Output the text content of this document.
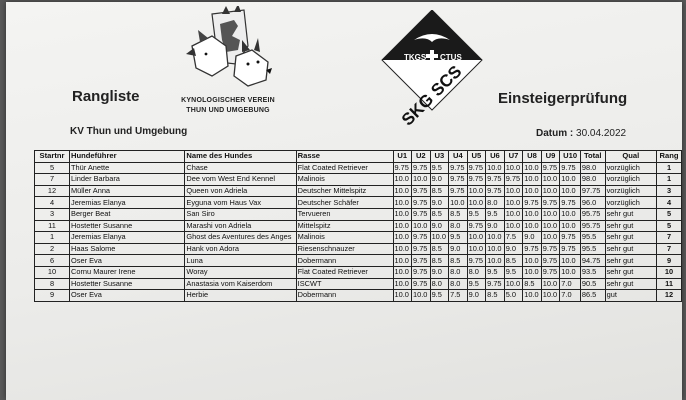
KYNOLOGISCHER VEREIN
THUN UND UMGEBUNG
TKGS CTUS
SKG SCS
Rangliste	Einsteigerprüfung
KV Thun und Umgebung	Datum : 30.04.2022
Startnr	Hundeführer	Name des Hundes	Rasse	U1	U2	U3	U4	U5	U6	U7	U8	U9	U10	Total	Qual	Rang
5	Thür Anette	Chase	Flat Coated Retriever	9.75	9.75	9.5	9.75	9.75	10.0	10.0	10.0	9.75	9.75	98.0	vorzüglich	1
7	Linder Barbara	Dee vom West End Kennel	Malinois	10.0	10.0	9.0	9.75	9.75	9.75	9.75	10.0	10.0	10.0	98.0	vorzüglich	1
12	Müller Anna	Queen von Adriela	Deutscher Mittelspitz	10.0	9.75	8.5	9.75	10.0	9.75	10.0	10.0	10.0	10.0	97.75	vorzüglich	3
4	Jeremias Elanya	Eyguna vom Haus Vax	Deutscher Schäfer	10.0	9.75	9.0	10.0	10.0	8.0	10.0	9.75	9.75	9.75	96.0	vorzüglich	4
3	Berger Beat	San Siro	Tervueren	10.0	9.75	8.5	8.5	9.5	9.5	10.0	10.0	10.0	10.0	95.75	sehr gut	5
11	Hostetter Susanne	Marashi von Adriela	Mittelspitz	10.0	10.0	9.0	8.0	9.75	9.0	10.0	10.0	10.0	10.0	95.75	sehr gut	5
1	Jeremias Elanya	Ghost des Aventures des Anges	Malinois	10.0	9.75	10.0	9.5	10.0	10.0	7.5	9.0	10.0	9.75	95.5	sehr gut	7
2	Haas Salome	Hank von Adora	Riesenschnauzer	10.0	9.75	8.5	9.0	10.0	10.0	9.0	9.75	9.75	9.75	95.5	sehr gut	7
6	Oser Eva	Luna	Dobermann	10.0	9.75	8.5	8.5	9.75	10.0	8.5	10.0	9.75	10.0	94.75	sehr gut	9
10	Cornu Maurer Irene	Woray	Flat Coated Retriever	10.0	9.75	9.0	8.0	8.0	9.5	9.5	10.0	9.75	10.0	93.5	sehr gut	10
8	Hostetter Susanne	Anastasia vom Kaiserdom	ISCWT	10.0	9.75	8.0	8.0	9.5	9.75	10.0	8.5	10.0	7.0	90.5	sehr gut	11
9	Oser Eva	Herbie	Dobermann	10.0	10.0	9.5	7.5	9.0	8.5	5.0	10.0	10.0	7.0	86.5	gut	12
